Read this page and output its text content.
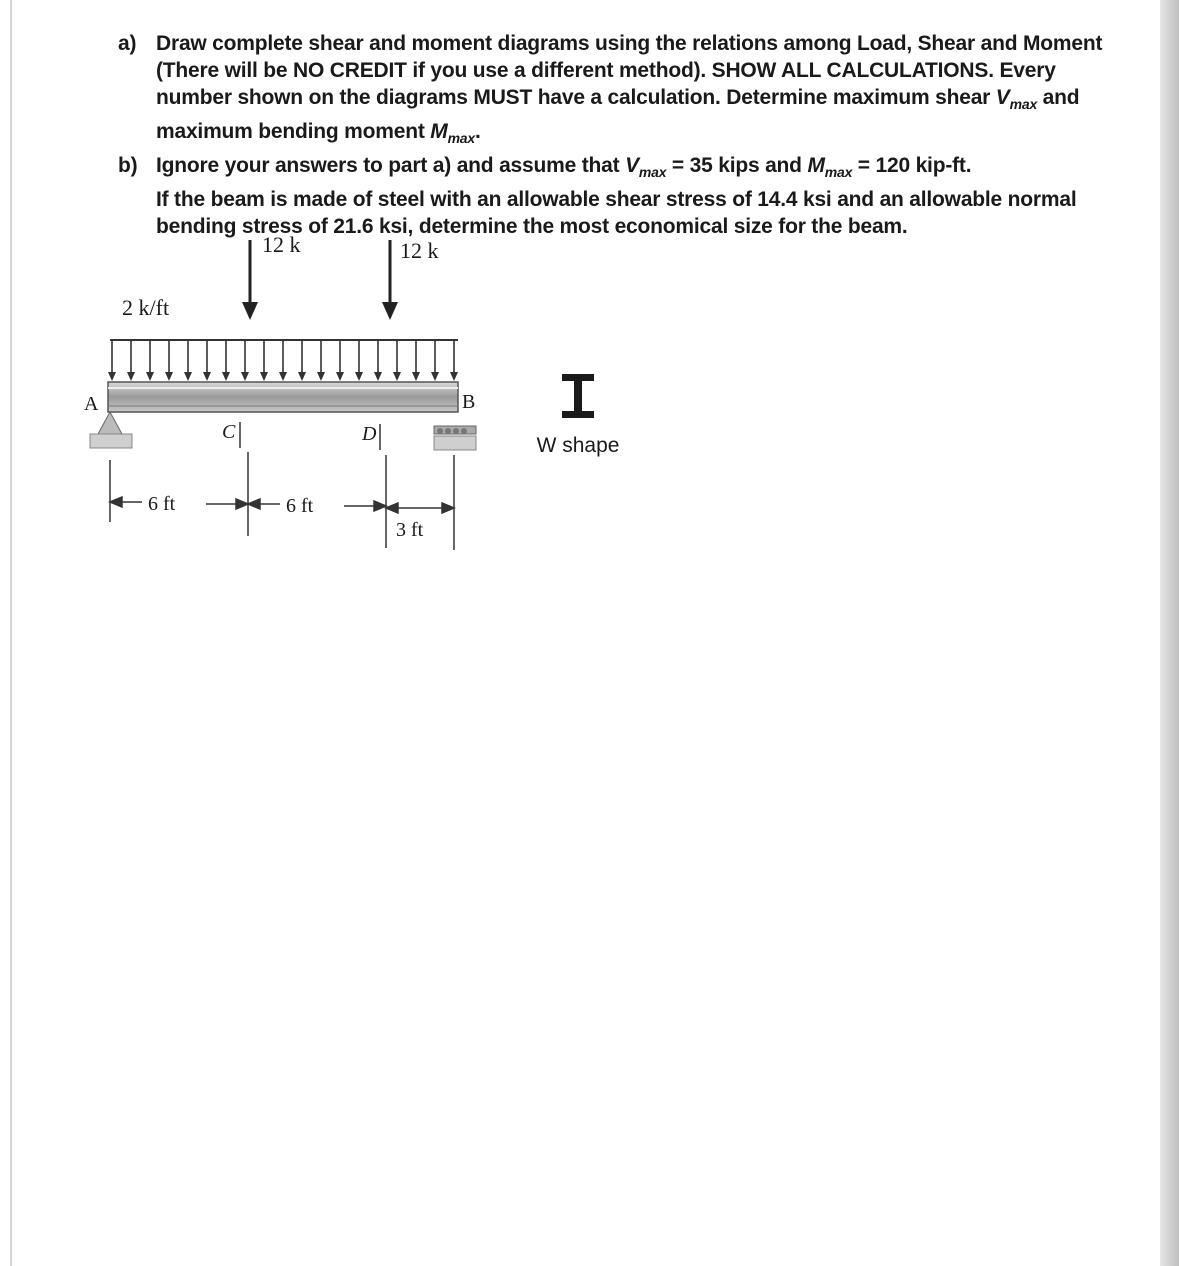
a) Draw complete shear and moment diagrams using the relations among Load, Shear and Moment

(There will be NO CREDIT if you use a different method). SHOW ALL CALCULATIONS. Every

number shown on the diagrams MUST have a calculation. Determine maximum shear $V_{max}$ and

maximum bending moment $M_{max}$.

b) Ignore your answers to part a) and assume that $V_{max} = 35$ kips and $M_{max} = 120$ kip-ft.

If the beam is made of steel with an allowable shear stress of 14.4 ksi and an allowable normal

bending stress of 21.6 ksi, determine the most economical size for the beam.

12 k	12 k
2 k/ft
A	B
C	D
6 ft	6 ft
3 ft
W shape
